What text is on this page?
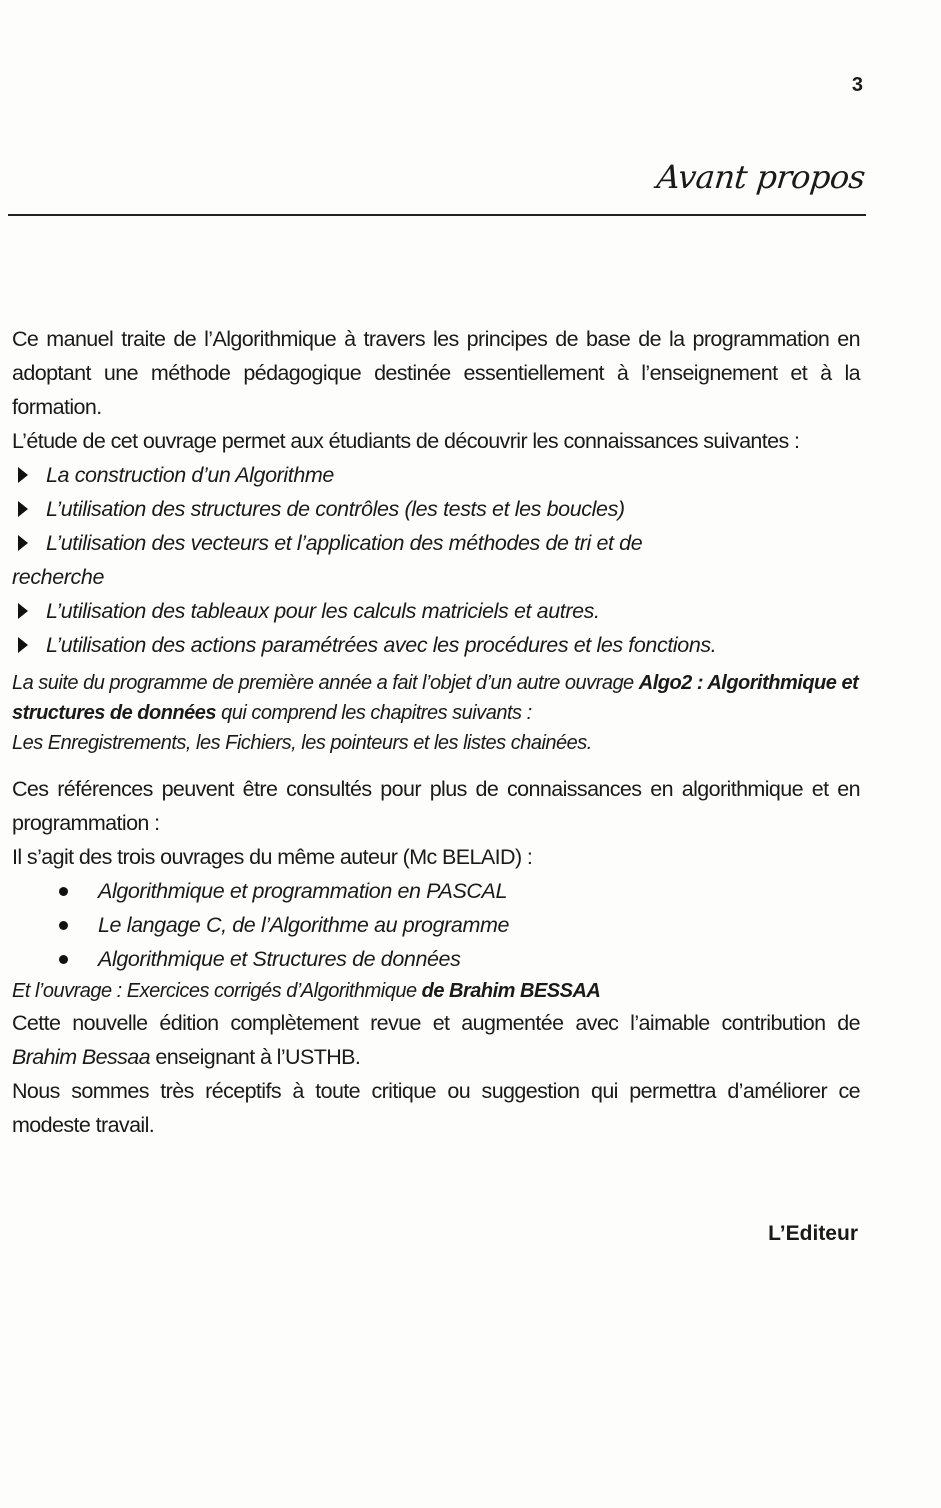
3
Avant propos

Ce manuel traite de l’Algorithmique à travers les principes de base de la programmation en adoptant une méthode pédagogique destinée essentiellement à l’enseignement et à la formation.

L’étude de cet ouvrage permet aux étudiants de découvrir les connaissances suivantes :

La construction d’un Algorithme
L’utilisation des structures de contrôles (les tests et les boucles)
L’utilisation des vecteurs et l’application des méthodes de tri et de
recherche
L’utilisation des tableaux pour les calculs matriciels et autres.
L’utilisation des actions paramétrées avec les procédures et les fonctions.
La suite du programme de première année a fait l’objet d’un autre ouvrage Algo2 : Algorithmique et structures de données qui comprend les chapitres suivants :
Les Enregistrements, les Fichiers, les pointeurs et les listes chainées.

Ces références peuvent être consultés pour plus de connaissances en algorithmique et en programmation :

Il s’agit des trois ouvrages du même auteur (Mc BELAID) :

Algorithmique et programmation en PASCAL
Le langage C, de l’Algorithme au programme
Algorithmique et Structures de données
Et l’ouvrage : Exercices corrigés d’Algorithmique de Brahim BESSAA

Cette nouvelle édition complètement revue et augmentée avec l’aimable contribution de Brahim Bessaa enseignant à l’USTHB.

Nous sommes très réceptifs à toute critique ou suggestion qui permettra d’améliorer ce modeste travail.

L’Editeur
